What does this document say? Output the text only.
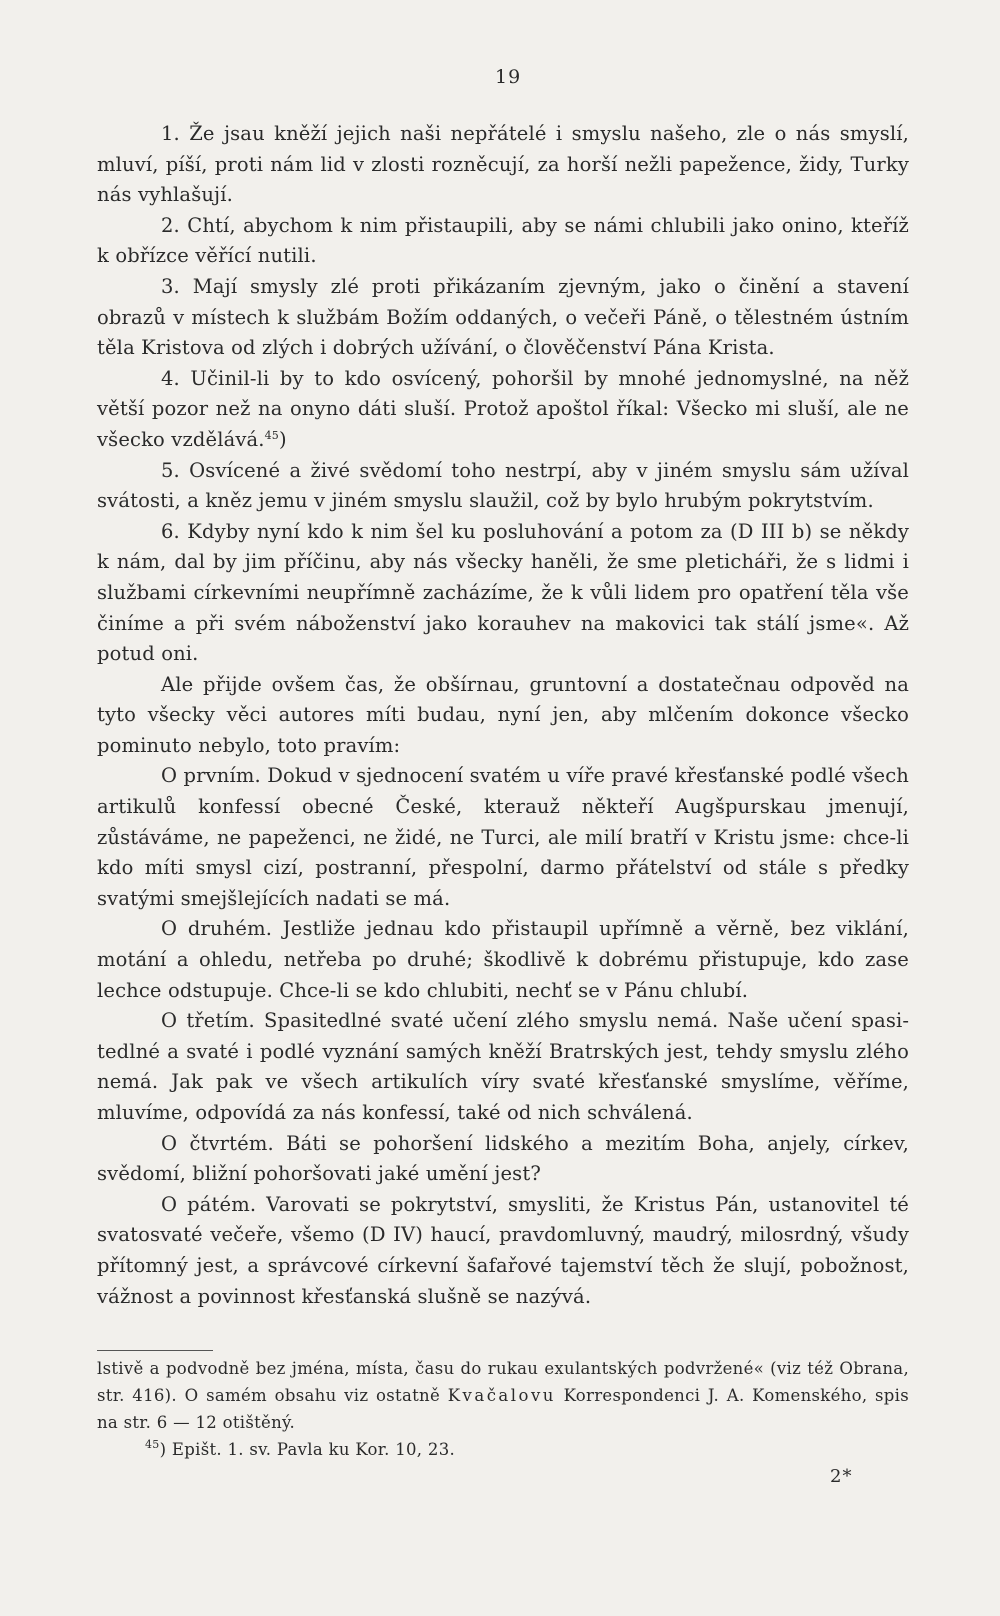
19

1. Že jsau kněží jejich naši nepřátelé i smyslu našeho, zle o nás smyslí, mluví, píší, proti nám lid v zlosti rozněcují, za horší nežli papežence, židy, Turky nás vyhlašují.

2. Chtí, abychom k nim přistaupili, aby se námi chlubili jako onino, kteříž k obřízce věřící nutili.

3. Mají smysly zlé proti přikázaním zjevným, jako o činění a stavení obrazů v místech k službám Božím oddaných, o večeři Páně, o tělestném ústním těla Kristova od zlých i dobrých užívání, o člověčenství Pána Krista.

4. Učinil-li by to kdo osvícený, pohoršil by mnohé jednomyslné, na něž větší pozor než na onyno dáti sluší. Protož apoštol říkal: Všecko mi sluší, ale ne všecko vzdělává.$^{45}$)

5. Osvícené a živé svědomí toho nestrpí, aby v jiném smyslu sám užíval svátosti, a kněz jemu v jiném smyslu slaužil, což by bylo hrubým pokrytstvím.

6. Kdyby nyní kdo k nim šel ku posluhování a potom za (D III b) se někdy k nám, dal by jim příčinu, aby nás všecky haněli, že sme pleticháři, že s lidmi i službami církevními neupřímně zacházíme, že k vůli lidem pro opatření těla vše činíme a při svém náboženství jako korauhev na makovici tak stálí jsme«. Až potud oni.

Ale přijde ovšem čas, že obšírnau, gruntovní a dostatečnau odpověd na tyto všecky věci autores míti budau, nyní jen, aby mlčením dokonce všecko pominuto nebylo, toto pravím:

O prvním. Dokud v sjednocení svatém u víře pravé křesťanské podlé všech artikulů konfessí obecné České, kterauž někteří Augšpurskau jmenují, zůstáváme, ne papeženci, ne židé, ne Turci, ale milí bratří v Kristu jsme: chce-li kdo míti smysl cizí, postranní, přespolní, darmo přátelství od stále s předky svatými smejšlejících nadati se má.

O druhém. Jestliže jednau kdo přistaupil upřímně a věrně, bez viklání, motání a ohledu, netřeba po druhé; škodlivě k dobrému přistupuje, kdo zase lechce odstupuje. Chce-li se kdo chlubiti, nechť se v Pánu chlubí.

O třetím. Spasitedlné svaté učení zlého smyslu nemá. Naše učení spasitedlné a svaté i podlé vyznání samých kněží Bratrských jest, tehdy smyslu zlého nemá. Jak pak ve všech artikulích víry svaté křesťanské smyslíme, věříme, mluvíme, odpovídá za nás konfessí, také od nich schválená.

O čtvrtém. Báti se pohoršení lidského a mezitím Boha, anjely, církev, svědomí, bližní pohoršovati jaké umění jest?

O pátém. Varovati se pokrytství, smysliti, že Kristus Pán, ustanovitel té svatosvaté večeře, všemo (D IV) haucí, pravdomluvný, maudrý, milosrdný, všudy přítomný jest, a správcové církevní šafařové tajemství těch že slují, pobožnost, vážnost a povinnost křesťanská slušně se nazývá.

lstivě a podvodně bez jména, místa, času do rukau exulantských podvržené« (viz též Obrana, str. 416). O samém obsahu viz ostatně Kvačalovu Korrespondenci J. A. Komenského, spis na str. 6 — 12 otištěný.

$^{45}$) Epišt. 1. sv. Pavla ku Kor. 10, 23.

2*
